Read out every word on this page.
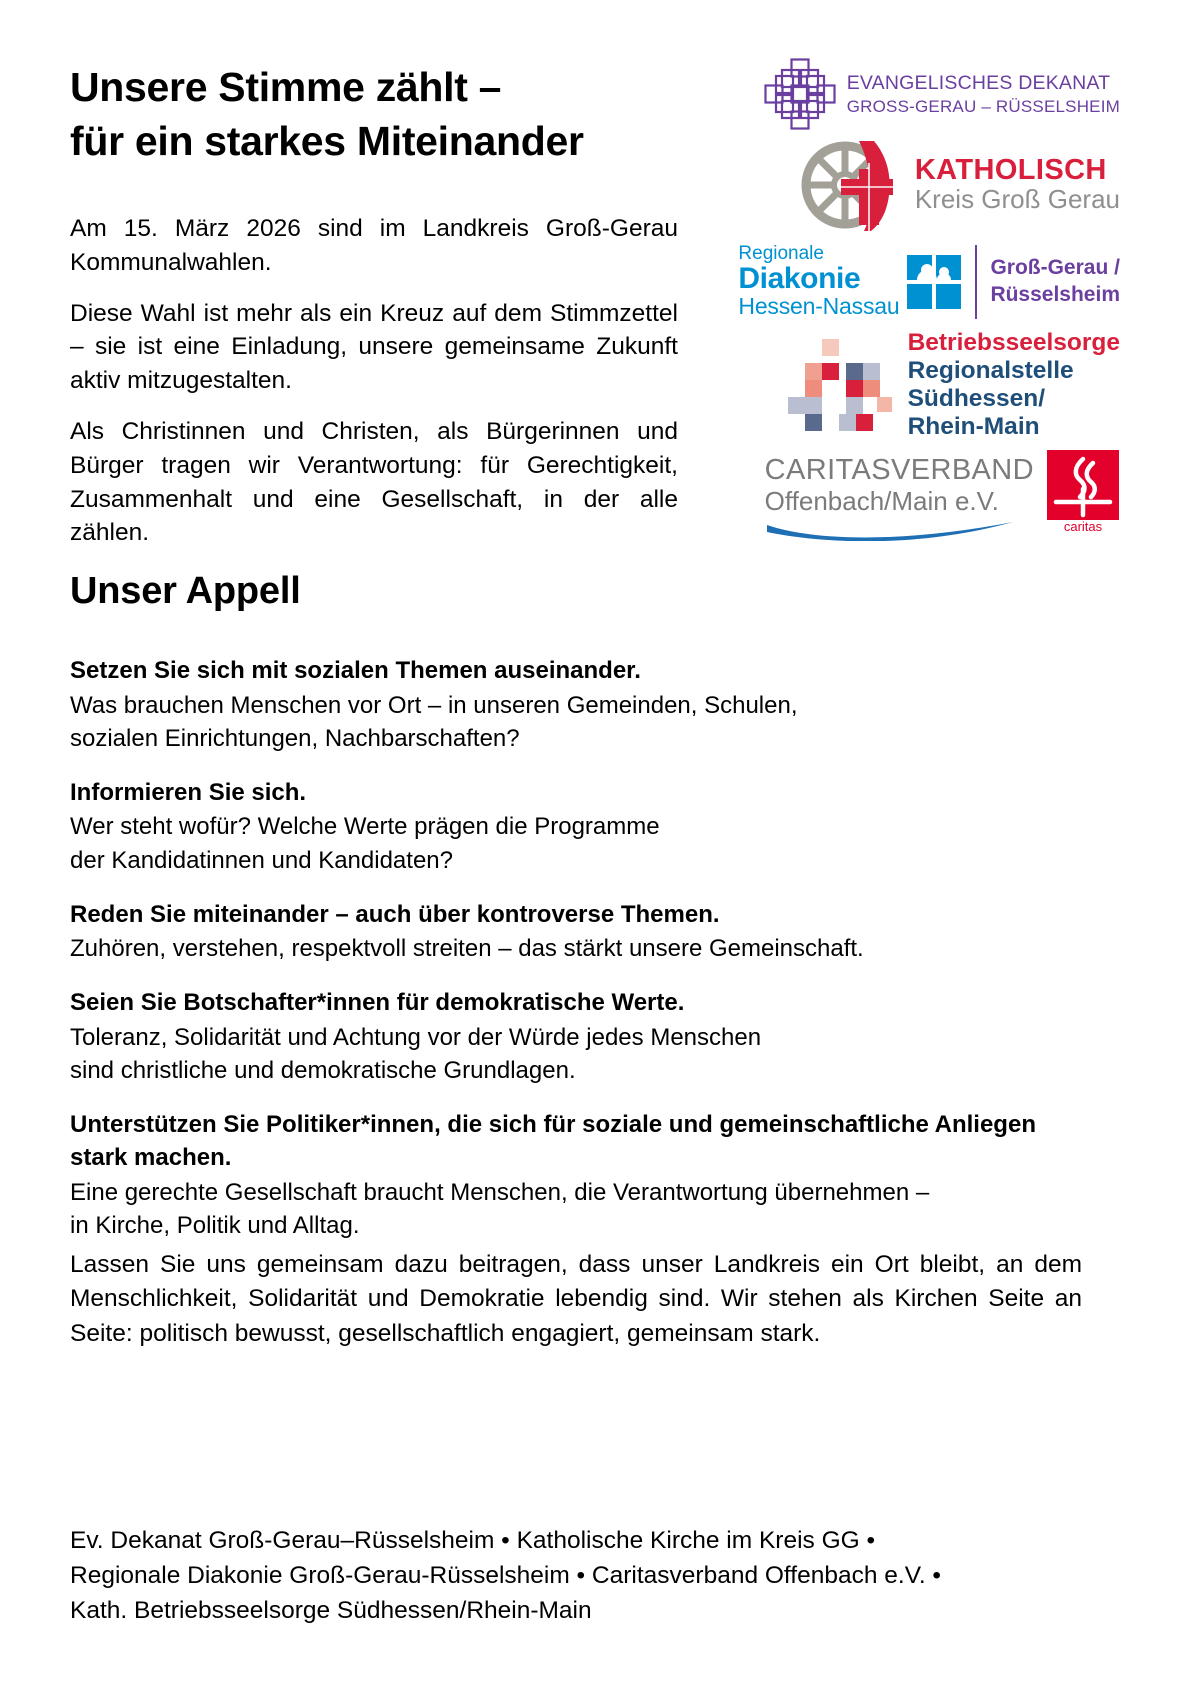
Unsere Stimme zählt –
für ein starkes Miteinander

Am 15. März 2026 sind im Landkreis Groß-Gerau Kommunalwahlen.

Diese Wahl ist mehr als ein Kreuz auf dem Stimmzettel – sie ist eine Einladung, unsere gemeinsame Zukunft aktiv mitzugestalten.

Als Christinnen und Christen, als Bürgerinnen und Bürger tragen wir Verantwortung: für Gerechtigkeit, Zusammenhalt und eine Gesellschaft, in der alle zählen.

EVANGELISCHES DEKANAT
GROSS-GERAU – RÜSSELSHEIM
KATHOLISCH
Kreis Groß Gerau
Regionale
Diakonie
Hessen-Nassau
Groß-Gerau /
Rüsselsheim
Betriebsseelsorge
Regionalstelle
Südhessen/
Rhein-Main
CARITASVERBAND
Offenbach/Main e.V.
caritas
Unser Appell

Setzen Sie sich mit sozialen Themen auseinander.

Was brauchen Menschen vor Ort – in unseren Gemeinden, Schulen,

sozialen Einrichtungen, Nachbarschaften?

Informieren Sie sich.

Wer steht wofür? Welche Werte prägen die Programme

der Kandidatinnen und Kandidaten?

Reden Sie miteinander – auch über kontroverse Themen.

Zuhören, verstehen, respektvoll streiten – das stärkt unsere Gemeinschaft.

Seien Sie Botschafter*innen für demokratische Werte.

Toleranz, Solidarität und Achtung vor der Würde jedes Menschen

sind christliche und demokratische Grundlagen.

Unterstützen Sie Politiker*innen, die sich für soziale und gemeinschaftliche Anliegen stark machen.

Eine gerechte Gesellschaft braucht Menschen, die Verantwortung übernehmen –

in Kirche, Politik und Alltag.

Lassen Sie uns gemeinsam dazu beitragen, dass unser Landkreis ein Ort bleibt, an dem Menschlichkeit, Solidarität und Demokratie lebendig sind. Wir stehen als Kirchen Seite an Seite: politisch bewusst, gesellschaftlich engagiert, gemeinsam stark.

Ev. Dekanat Groß-Gerau–Rüsselsheim • Katholische Kirche im Kreis GG •
Regionale Diakonie Groß-Gerau-Rüsselsheim • Caritasverband Offenbach e.V. •
Kath. Betriebsseelsorge Südhessen/Rhein-Main
